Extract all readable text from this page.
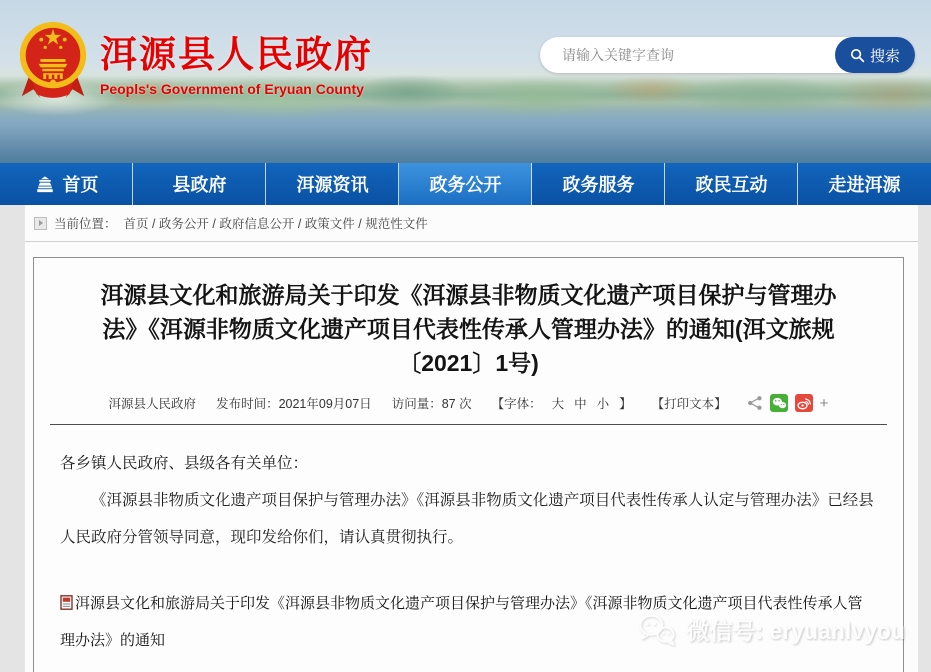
洱源县人民政府
Peopls's Government of Eryuan County
请输入关键字查询
搜索
首页	县政府	洱源资讯	政务公开	政务服务	政民互动	走进洱源
当前位置： 首页 / 政务公开 / 政府信息公开 / 政策文件 / 规范性文件
洱源县文化和旅游局关于印发《洱源县非物质文化遗产项目保护与管理办法》《洱源非物质文化遗产项目代表性传承人管理办法》的通知(洱文旅规〔2021〕1号)
洱源县人民政府 发布时间：2021年09月07日 访问量：87 次 【字体： 大 中 小 】 【打印文本】	+

各乡镇人民政府、县级各有关单位：

《洱源县非物质文化遗产项目保护与管理办法》《洱源县非物质文化遗产项目代表性传承人认定与管理办法》已经县人民政府分管领导同意，现印发给你们，请认真贯彻执行。

洱源县文化和旅游局关于印发《洱源县非物质文化遗产项目保护与管理办法》《洱源非物质文化遗产项目代表性传承人管理办法》的通知	微信号: eryuanlvyou
